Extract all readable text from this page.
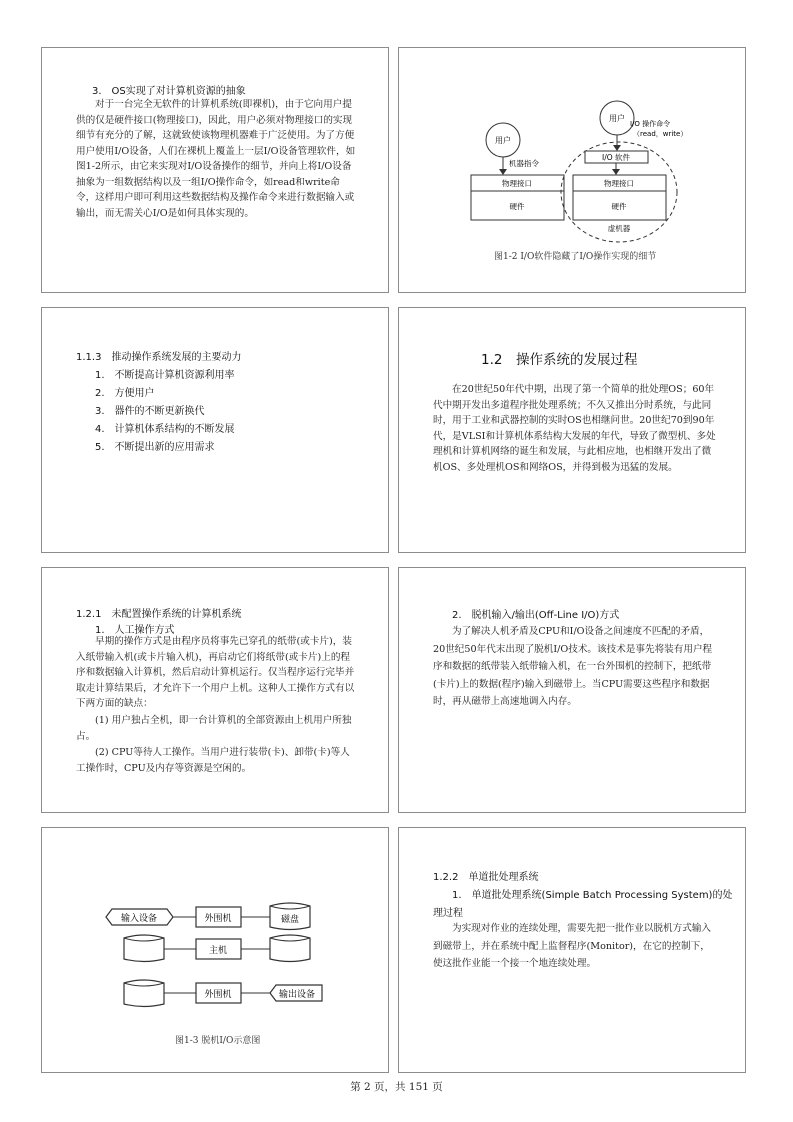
3.　OS实现了对计算机资源的抽象
对于一台完全无软件的计算机系统(即裸机)，由于它向用户提供的仅是硬件接口(物理接口)，因此，用户必须对物理接口的实现细节有充分的了解，这就致使该物理机器难于广泛使用。为了方便用户使用I/O设备，人们在裸机上覆盖上一层I/O设备管理软件，如图1-2所示，由它来实现对I/O设备操作的细节，并向上将I/O设备抽象为一组数据结构以及一组I/O操作命令，如read和write命令，这样用户即可利用这些数据结构及操作命令来进行数据输入或输出，而无需关心I/O是如何具体实现的。
用户
机器指令
物理接口
硬件
用户
I/O 操作命令
（read，write）
I/O 软件
物理接口
硬件
虚机器
图1-2 I/O软件隐藏了I/O操作实现的细节
1.1.3　推动操作系统发展的主要动力
1.　不断提高计算机资源利用率
2.　方便用户
3.　器件的不断更新换代
4.　计算机体系结构的不断发展
5.　不断提出新的应用需求
1.2　操作系统的发展过程
在20世纪50年代中期，出现了第一个简单的批处理OS；60年代中期开发出多道程序批处理系统；不久又推出分时系统，与此同时，用于工业和武器控制的实时OS也相继问世。20世纪70到90年代，是VLSI和计算机体系结构大发展的年代，导致了微型机、多处理机和计算机网络的诞生和发展，与此相应地，也相继开发出了微机OS、多处理机OS和网络OS，并得到极为迅猛的发展。
1.2.1　未配置操作系统的计算机系统
1.　人工操作方式
早期的操作方式是由程序员将事先已穿孔的纸带(或卡片)，装入纸带输入机(或卡片输入机)，再启动它们将纸带(或卡片)上的程序和数据输入计算机，然后启动计算机运行。仅当程序运行完毕并取走计算结果后，才允许下一个用户上机。这种人工操作方式有以下两方面的缺点：
(1) 用户独占全机，即一台计算机的全部资源由上机用户所独占。
(2) CPU等待人工操作。当用户进行装带(卡)、卸带(卡)等人工操作时，CPU及内存等资源是空闲的。
2.　脱机输入/输出(Off-Line I/O)方式
为了解决人机矛盾及CPU和I/O设备之间速度不匹配的矛盾，20世纪50年代末出现了脱机I/O技术。该技术是事先将装有用户程序和数据的纸带装入纸带输入机，在一台外围机的控制下，把纸带(卡片)上的数据(程序)输入到磁带上。当CPU需要这些程序和数据时，再从磁带上高速地调入内存。
输入设备	外围机	磁盘
主机
外围机	输出设备
图1-3 脱机I/O示意图
1.2.2　单道批处理系统
1.　单道批处理系统(Simple Batch Processing System)的处
理过程
为实现对作业的连续处理，需要先把一批作业以脱机方式输入到磁带上，并在系统中配上监督程序(Monitor)，在它的控制下，使这批作业能一个接一个地连续处理。
第 2 页，共 151 页
